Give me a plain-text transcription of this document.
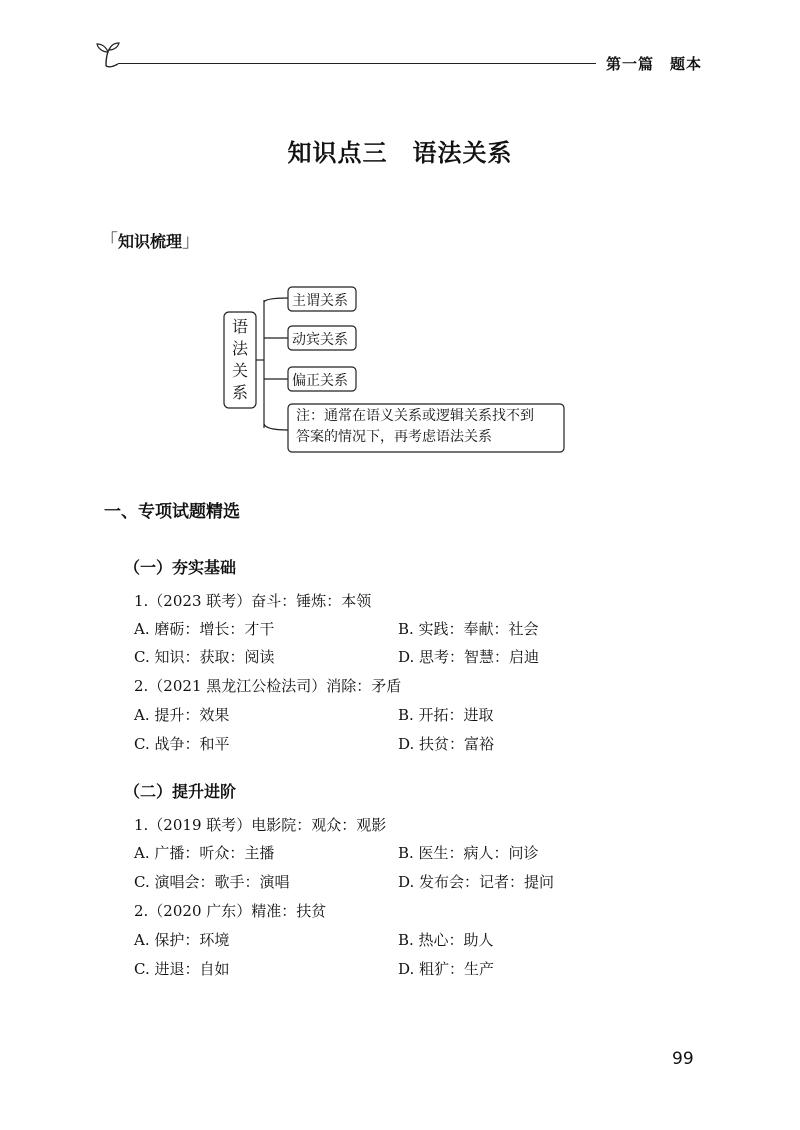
第一篇　题本
知识点三　语法关系
「知识梳理」
语
法
关
系
主谓关系
动宾关系
偏正关系
注：通常在语义关系或逻辑关系找不到
答案的情况下，再考虑语法关系
一、专项试题精选
（一）夯实基础
1.（2023 联考）奋斗：锤炼：本领
A. 磨砺：增长：才干	B. 实践：奉献：社会
C. 知识：获取：阅读	D. 思考：智慧：启迪
2.（2021 黑龙江公检法司）消除：矛盾
A. 提升：效果	B. 开拓：进取
C. 战争：和平	D. 扶贫：富裕
（二）提升进阶
1.（2019 联考）电影院：观众：观影
A. 广播：听众：主播	B. 医生：病人：问诊
C. 演唱会：歌手：演唱	D. 发布会：记者：提问
2.（2020 广东）精准：扶贫
A. 保护：环境	B. 热心：助人
C. 进退：自如	D. 粗犷：生产
99
